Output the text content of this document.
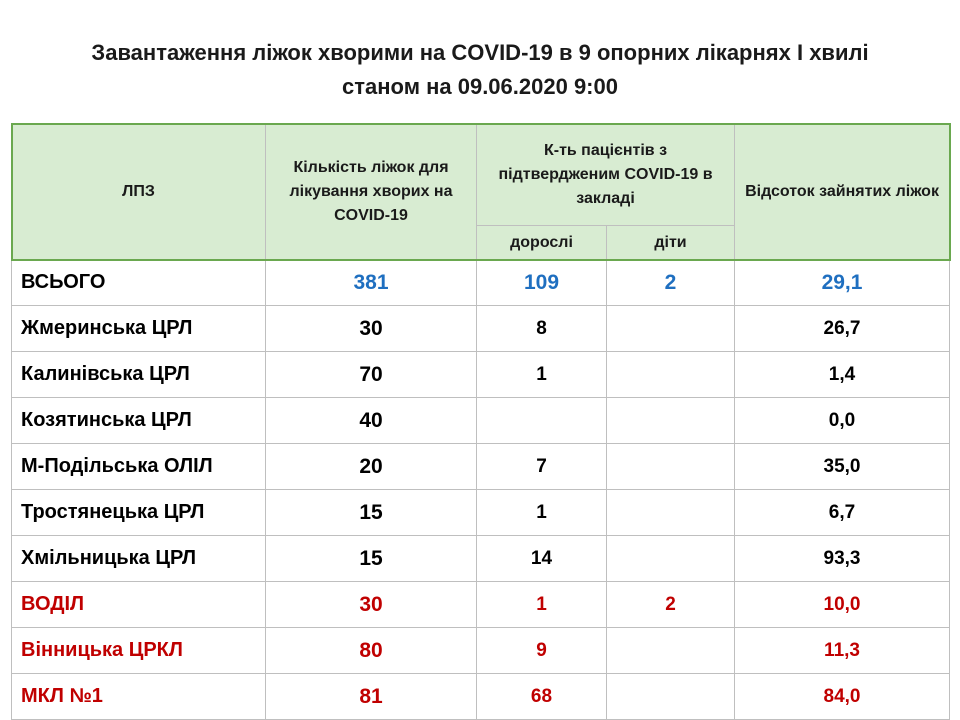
Завантаження ліжок хворими на COVID-19 в 9 опорних лікарнях І хвилі
станом на 09.06.2020 9:00
ЛПЗ	Кількість ліжок для лікування хворих на COVID-19	К-ть пацієнтів з підтвердженим COVID-19 в закладі		Відсоток зайнятих ліжок
		дорослі	діти	
ВСЬОГО	381	109	2	29,1
Жмеринська ЦРЛ	30	8		26,7
Калинівська ЦРЛ	70	1		1,4
Козятинська ЦРЛ	40			0,0
М-Подільська ОЛІЛ	20	7		35,0
Тростянецька ЦРЛ	15	1		6,7
Хмільницька ЦРЛ	15	14		93,3
ВОДІЛ	30	1	2	10,0
Вінницька ЦРКЛ	80	9		11,3
МКЛ №1	81	68		84,0
